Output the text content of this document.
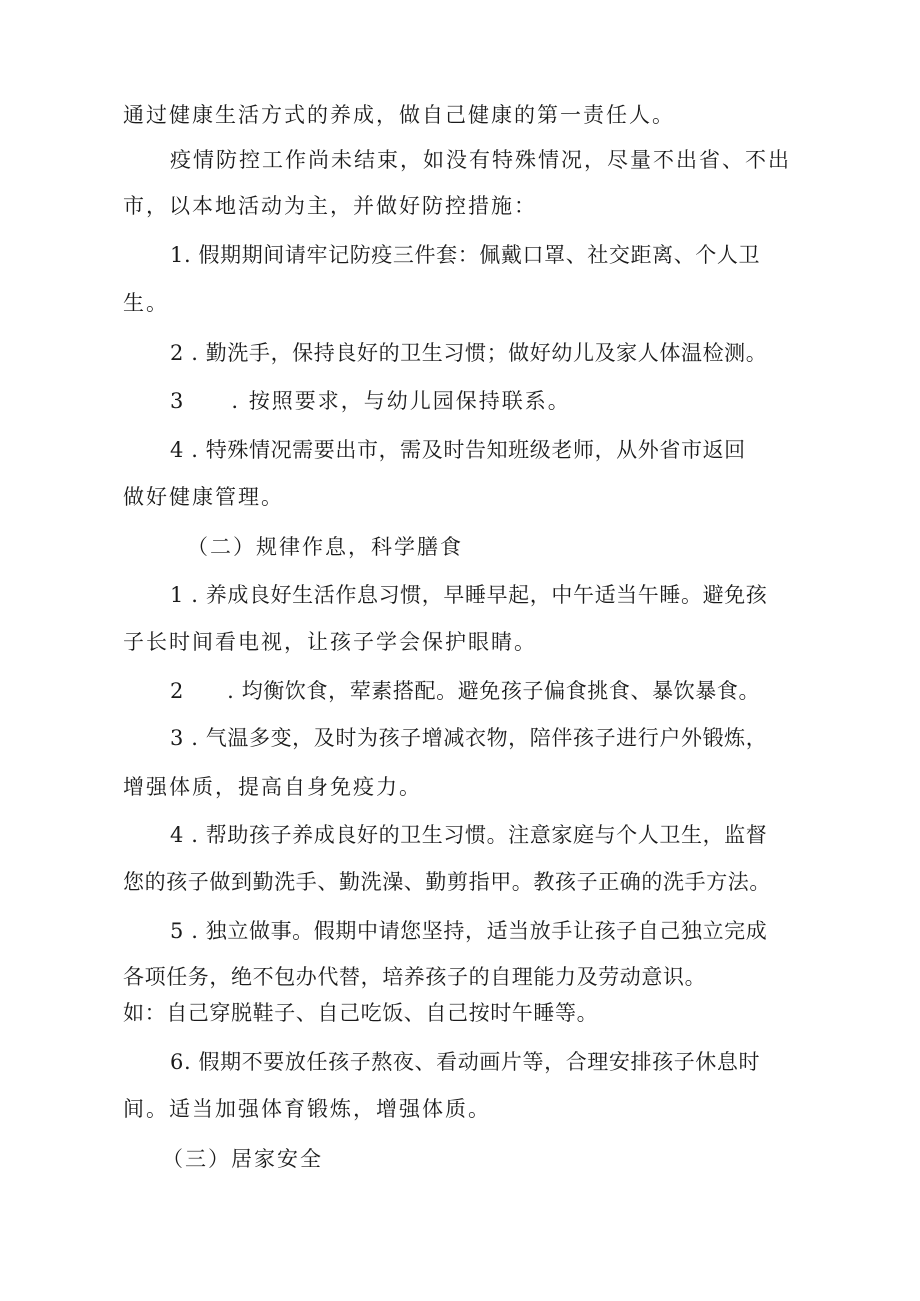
通过健康生活方式的养成，做自己健康的第一责任人。
疫情防控工作尚未结束，如没有特殊情况，尽量不出省、不出
市，以本地活动为主，并做好防控措施：
1. 假期期间请牢记防疫三件套：佩戴口罩、社交距离、个人卫
生。
2 . 勤洗手，保持良好的卫生习惯；做好幼儿及家人体温检测。
3　　. 按照要求，与幼儿园保持联系。
4 . 特殊情况需要出市，需及时告知班级老师，从外省市返回
做好健康管理。
（二）规律作息，科学膳食
1 . 养成良好生活作息习惯，早睡早起，中午适当午睡。避免孩
子长时间看电视，让孩子学会保护眼睛。
2　　. 均衡饮食，荤素搭配。避免孩子偏食挑食、暴饮暴食。
3 . 气温多变，及时为孩子增减衣物，陪伴孩子进行户外锻炼，
增强体质，提高自身免疫力。
4 . 帮助孩子养成良好的卫生习惯。注意家庭与个人卫生，监督
您的孩子做到勤洗手、勤洗澡、勤剪指甲。教孩子正确的洗手方法。
5 . 独立做事。假期中请您坚持，适当放手让孩子自己独立完成
各项任务，绝不包办代替，培养孩子的自理能力及劳动意识。
如：自己穿脱鞋子、自己吃饭、自己按时午睡等。
6. 假期不要放任孩子熬夜、看动画片等，合理安排孩子休息时
间。适当加强体育锻炼，增强体质。
（三）居家安全
